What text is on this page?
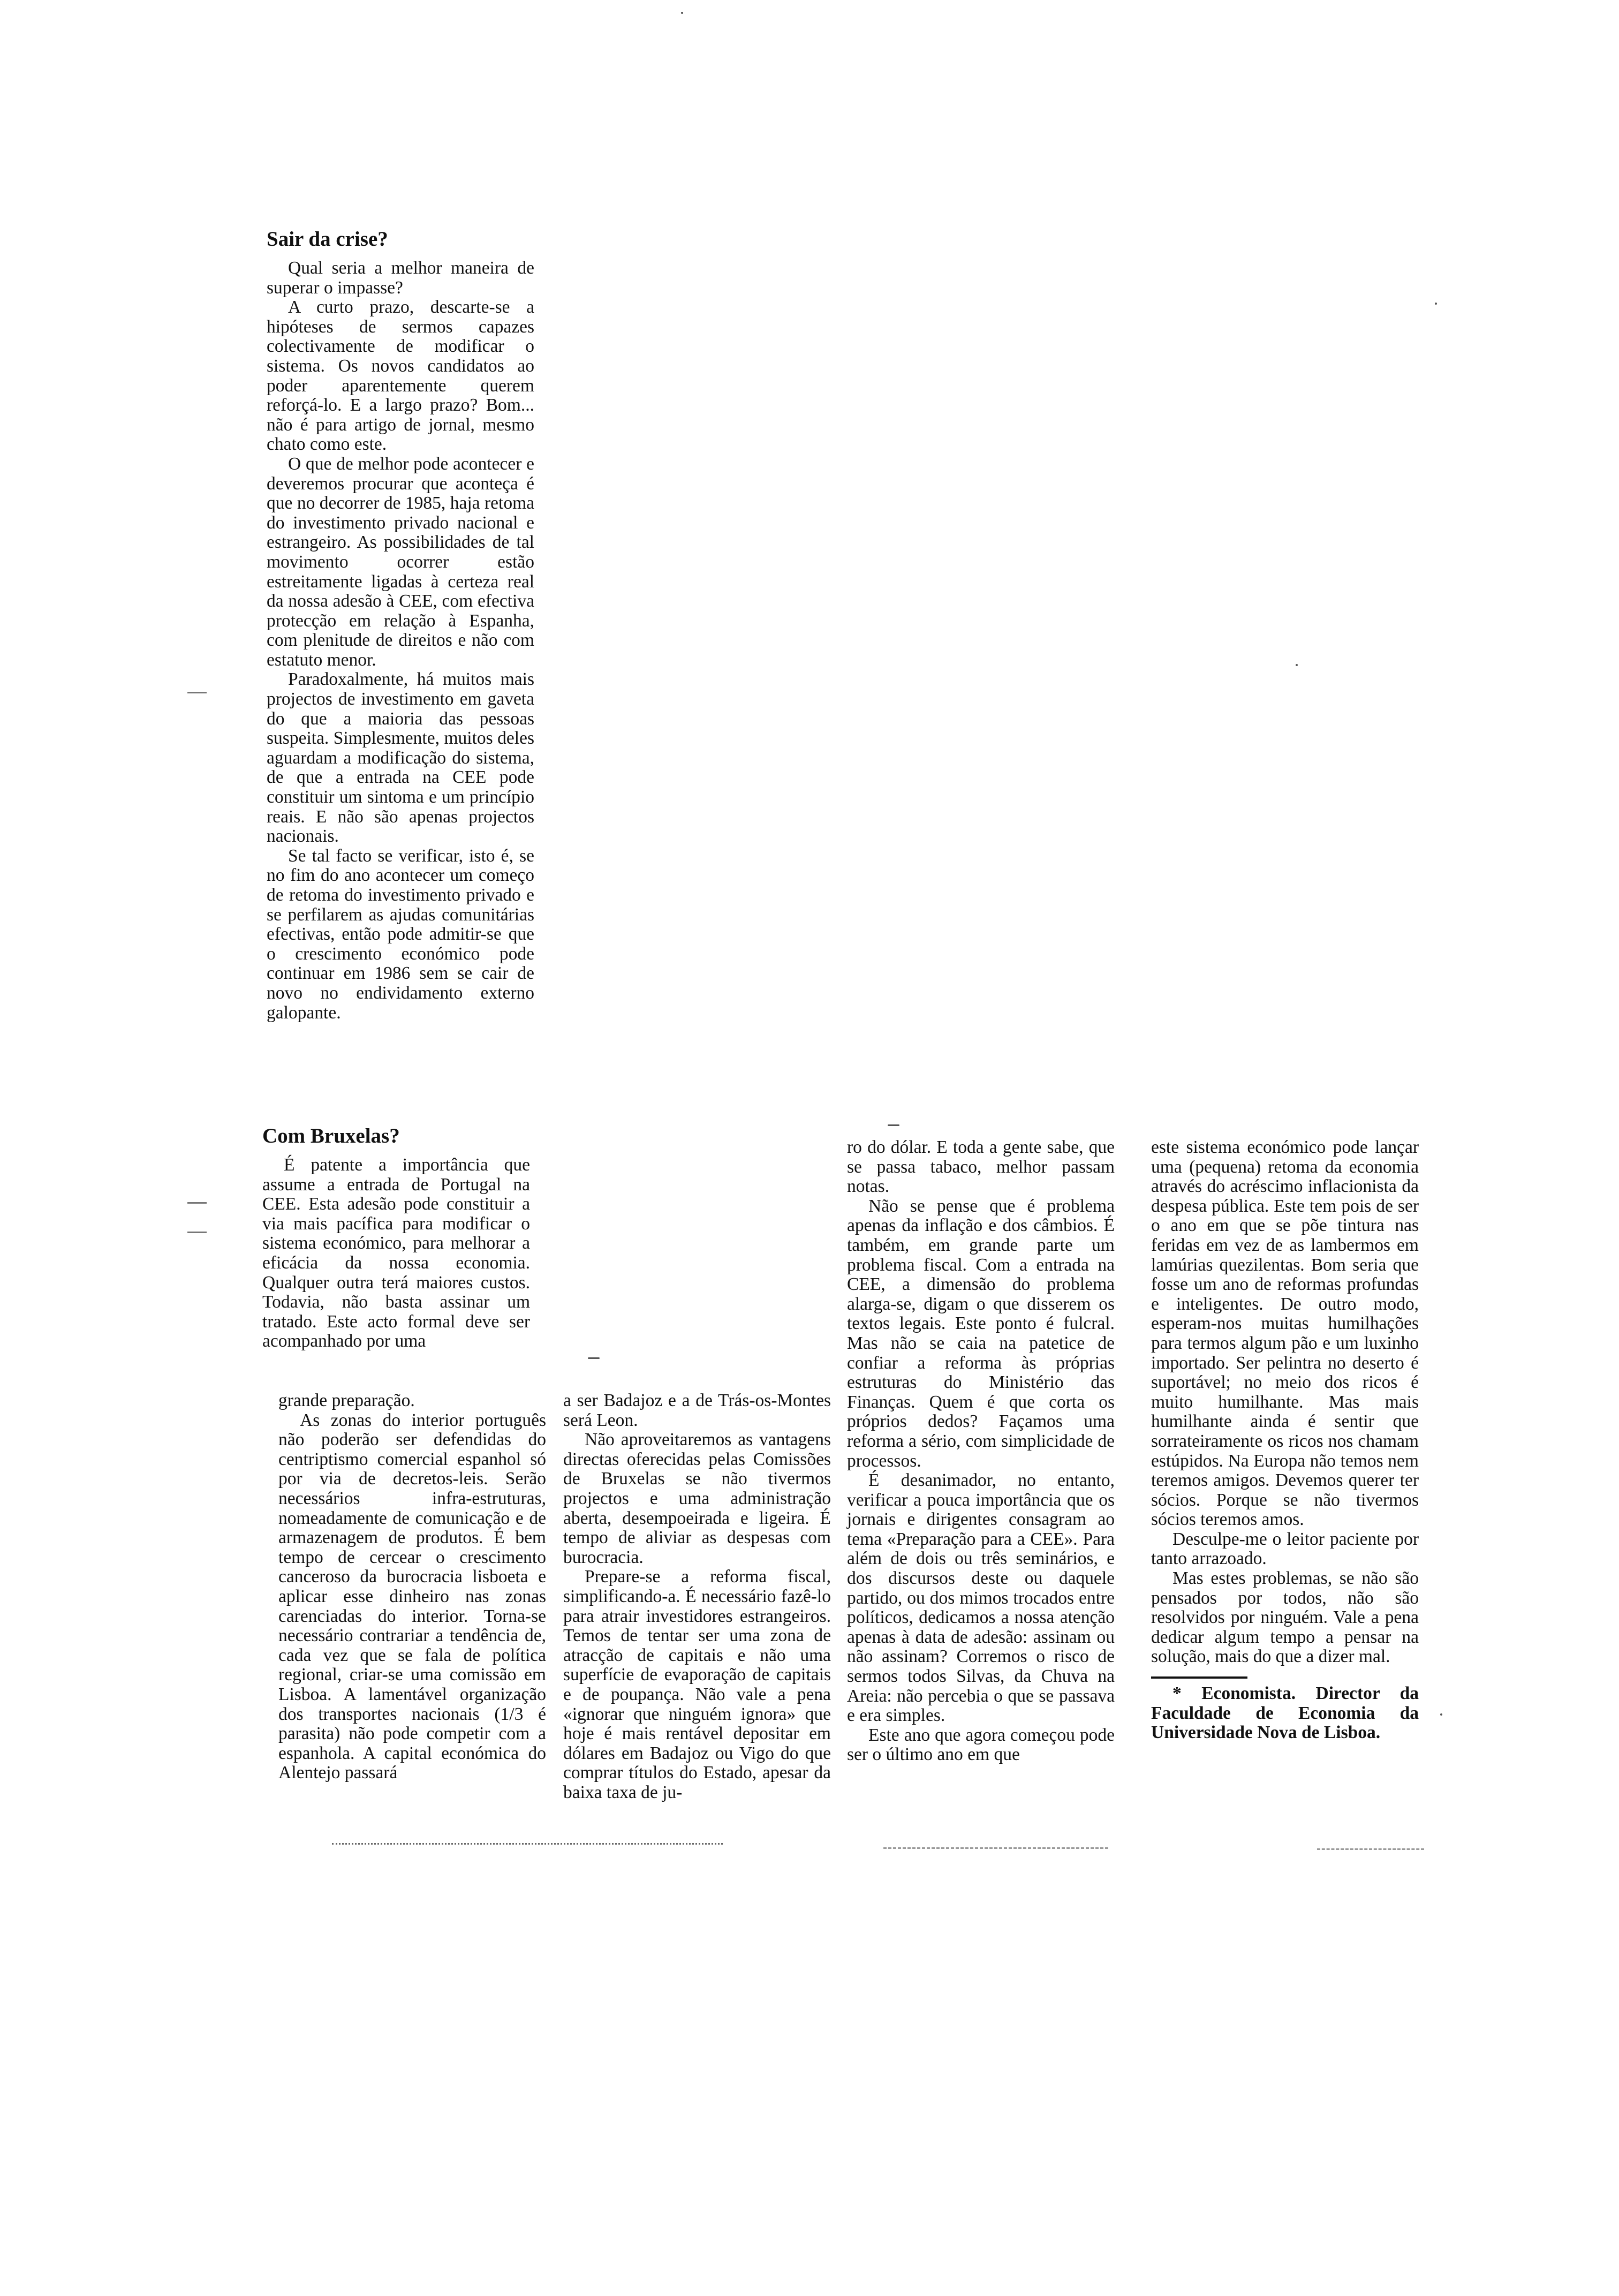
Sair da crise?

Qual seria a melhor maneira de superar o impasse?

A curto prazo, descarte-se a hipóteses de sermos capazes colectivamente de modificar o sistema. Os novos candidatos ao poder aparentemente querem reforçá-lo. E a largo prazo? Bom... não é para artigo de jornal, mesmo chato como este.

O que de melhor pode acontecer e deveremos procurar que aconteça é que no decorrer de 1985, haja retoma do investimento privado nacional e estrangeiro. As possibilidades de tal movimento ocorrer estão estreitamente ligadas à certeza real da nossa adesão à CEE, com efectiva protecção em relação à Espanha, com plenitude de direitos e não com estatuto menor.

Paradoxalmente, há muitos mais projectos de investimento em gaveta do que a maioria das pessoas suspeita. Simplesmente, muitos deles aguardam a modificação do sistema, de que a entrada na CEE pode constituir um sintoma e um princípio reais. E não são apenas projectos nacionais.

Se tal facto se verificar, isto é, se no fim do ano acontecer um começo de retoma do investimento privado e se perfilarem as ajudas comunitárias efectivas, então pode admitir-se que o crescimento económico pode continuar em 1986 sem se cair de novo no endividamento externo galopante.

Com Bruxelas?

É patente a importância que assume a entrada de Portugal na CEE. Esta adesão pode constituir a via mais pacífica para modificar o sistema económico, para melhorar a eficácia da nossa economia. Qualquer outra terá maiores custos. Todavia, não basta assinar um tratado. Este acto formal deve ser acompanhado por uma

grande preparação.

As zonas do interior português não poderão ser defendidas do centriptismo comercial espanhol só por via de decretos-leis. Serão necessários infra-estruturas, nomeadamente de comunicação e de armazenagem de produtos. É bem tempo de cercear o crescimento canceroso da burocracia lisboeta e aplicar esse dinheiro nas zonas carenciadas do interior. Torna-se necessário contrariar a tendência de, cada vez que se fala de política regional, criar-se uma comissão em Lisboa. A lamentável organização dos transportes nacionais (1/3 é parasita) não pode competir com a espanhola. A capital económica do Alentejo passará

a ser Badajoz e a de Trás-os-Montes será Leon.

Não aproveitaremos as vantagens directas oferecidas pelas Comissões de Bruxelas se não tivermos projectos e uma administração aberta, desempoeirada e ligeira. É tempo de aliviar as despesas com burocracia.

Prepare-se a reforma fiscal, simplificando-a. É necessário fazê-lo para atrair investidores estrangeiros. Temos de tentar ser uma zona de atracção de capitais e não uma superfície de evaporação de capitais e de poupança. Não vale a pena «ignorar que ninguém ignora» que hoje é mais rentável depositar em dólares em Badajoz ou Vigo do que comprar títulos do Estado, apesar da baixa taxa de ju-

ro do dólar. E toda a gente sabe, que se passa tabaco, melhor passam notas.

Não se pense que é problema apenas da inflação e dos câmbios. É também, em grande parte um problema fiscal. Com a entrada na CEE, a dimensão do problema alarga-se, digam o que disserem os textos legais. Este ponto é fulcral. Mas não se caia na patetice de confiar a reforma às próprias estruturas do Ministério das Finanças. Quem é que corta os próprios dedos? Façamos uma reforma a sério, com simplicidade de processos.

É desanimador, no entanto, verificar a pouca importância que os jornais e dirigentes consagram ao tema «Preparação para a CEE». Para além de dois ou três seminários, e dos discursos deste ou daquele partido, ou dos mimos trocados entre políticos, dedicamos a nossa atenção apenas à data de adesão: assinam ou não assinam? Corremos o risco de sermos todos Silvas, da Chuva na Areia: não percebia o que se passava e era simples.

Este ano que agora começou pode ser o último ano em que

este sistema económico pode lançar uma (pequena) retoma da economia através do acréscimo inflacionista da despesa pública. Este tem pois de ser o ano em que se põe tintura nas feridas em vez de as lambermos em lamúrias quezilentas. Bom seria que fosse um ano de reformas profundas e inteligentes. De outro modo, esperam-nos muitas humilhações para termos algum pão e um luxinho importado. Ser pelintra no deserto é suportável; no meio dos ricos é muito humilhante. Mas mais humilhante ainda é sentir que sorrateiramente os ricos nos chamam estúpidos. Na Europa não temos nem teremos amigos. Devemos querer ter sócios. Porque se não tivermos sócios teremos amos.

Desculpe-me o leitor paciente por tanto arrazoado.

Mas estes problemas, se não são pensados por todos, não são resolvidos por ninguém. Vale a pena dedicar algum tempo a pensar na solução, mais do que a dizer mal.

* Economista. Director da Faculdade de Economia da Universidade Nova de Lisboa.
